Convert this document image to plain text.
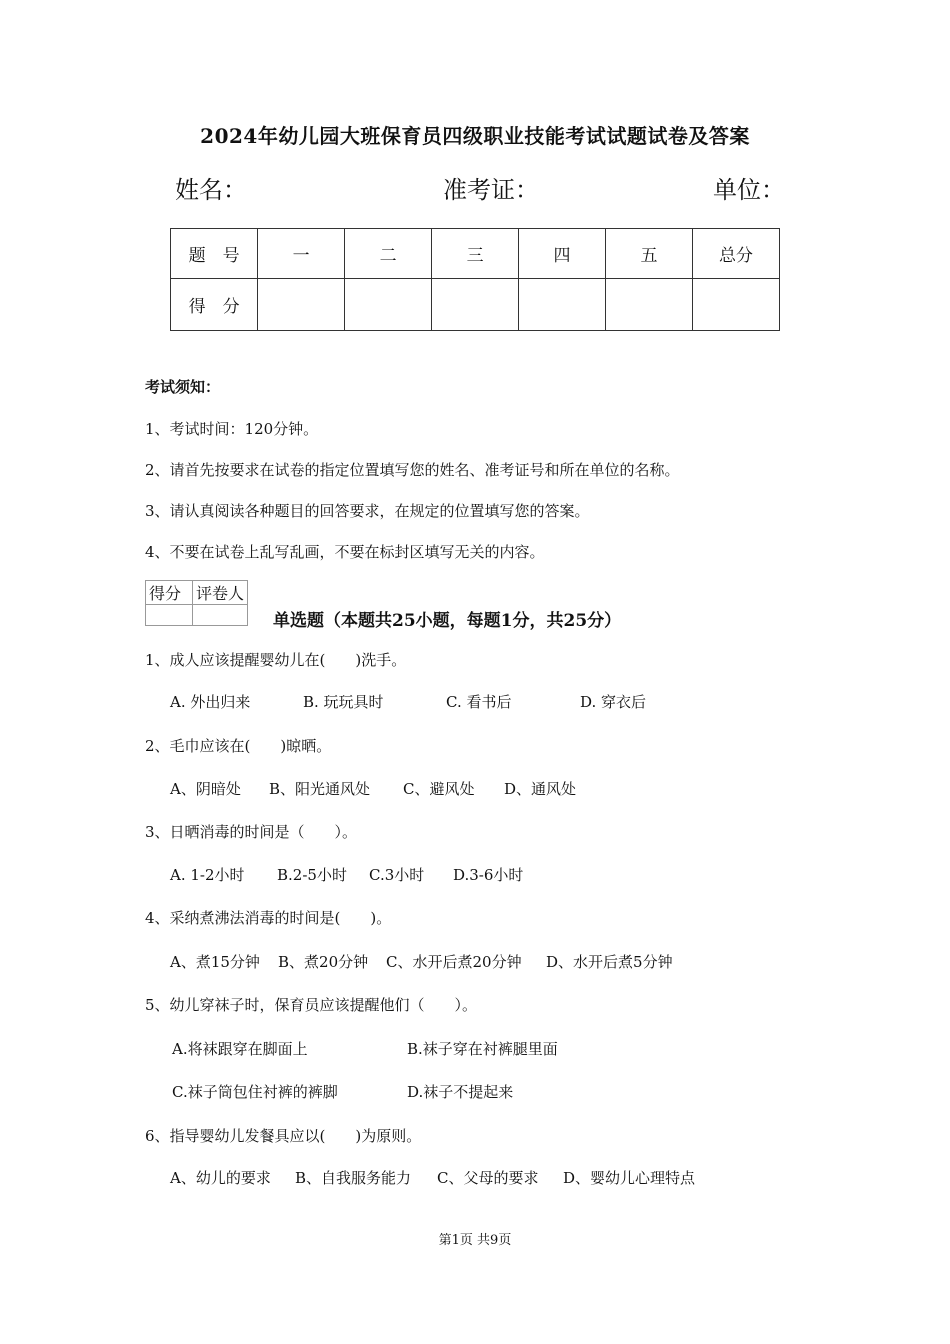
2024年幼儿园大班保育员四级职业技能考试试题试卷及答案
姓名：	准考证：	单位：
题　号	一	二	三	四	五	总分
得　分						
考试须知：
1、考试时间：120分钟。
2、请首先按要求在试卷的指定位置填写您的姓名、准考证号和所在单位的名称。
3、请认真阅读各种题目的回答要求，在规定的位置填写您的答案。
4、不要在试卷上乱写乱画，不要在标封区填写无关的内容。
得分	评卷人

单选题（本题共25小题，每题1分，共25分）
1、成人应该提醒婴幼儿在(　　)洗手。
A. 外出归来	B. 玩玩具时	C. 看书后	D. 穿衣后
2、毛巾应该在(　　)晾晒。
A、阴暗处 B、阳光通风处 C、避风处 D、通风处
3、日晒消毒的时间是（　　）。
A. 1-2小时 B.2-5小时 C.3小时 D.3-6小时
4、采纳煮沸法消毒的时间是(　　)。
A、煮15分钟 B、煮20分钟 C、水开后煮20分钟 D、水开后煮5分钟
5、幼儿穿袜子时，保育员应该提醒他们（　　）。
A.将袜跟穿在脚面上	B.袜子穿在衬裤腿里面
C.袜子筒包住衬裤的裤脚	D.袜子不提起来
6、指导婴幼儿发餐具应以(　　)为原则。
A、幼儿的要求 B、自我服务能力 C、父母的要求 D、婴幼儿心理特点
第1页 共9页
